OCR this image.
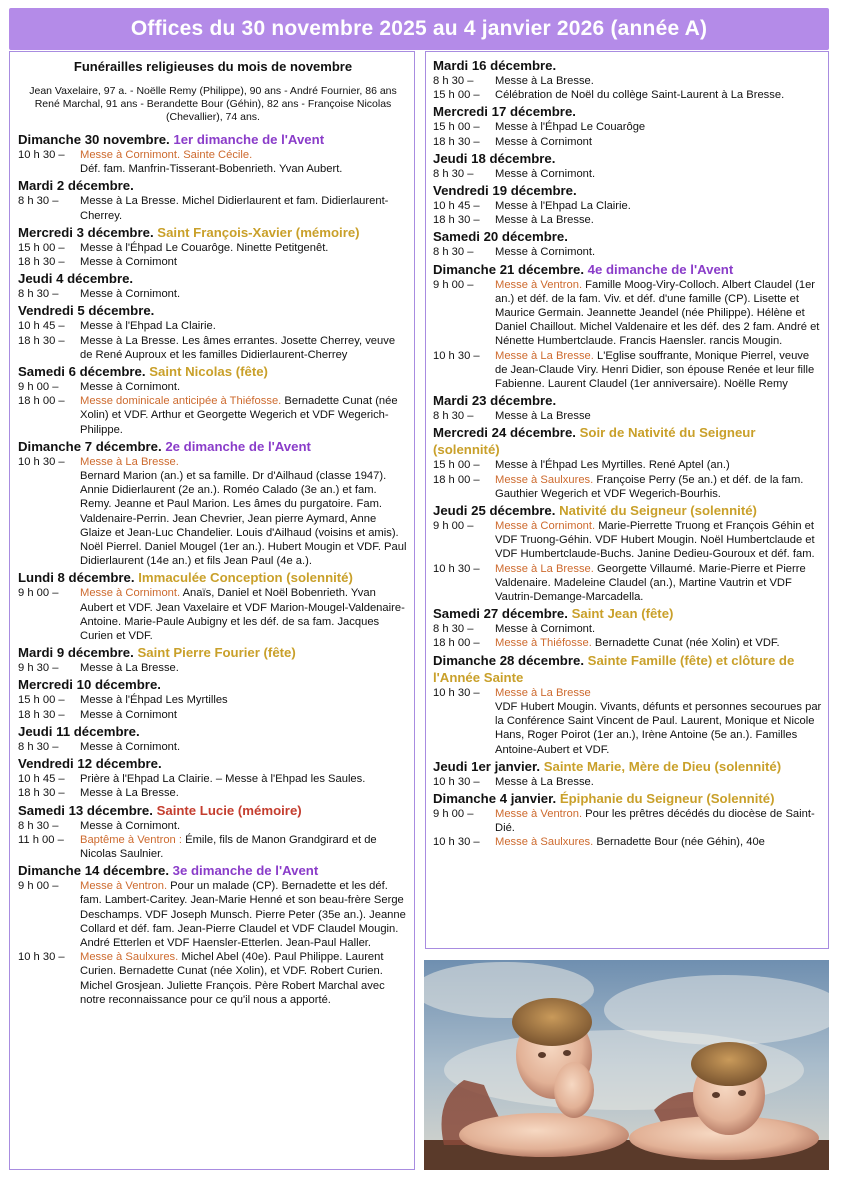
Offices du 30 novembre 2025 au 4 janvier 2026 (année A)
Funérailles religieuses du mois de novembre
Jean Vaxelaire, 97 a. - Noëlle Remy (Philippe), 90 ans - André Fournier, 86 ans René Marchal, 91 ans - Berandette Bour (Géhin), 82 ans - Françoise Nicolas (Chevallier), 74 ans.
Dimanche 30 novembre. 1er dimanche de l'Avent
10 h 30 –	Messe à Cornimont. Sainte Cécile.
Déf. fam. Manfrin-Tisserant-Bobenrieth. Yvan Aubert.
Mardi 2 décembre.
8 h 30 –	Messe à La Bresse. Michel Didierlaurent et fam. Didierlaurent-Cherrey.
Mercredi 3 décembre. Saint François-Xavier (mémoire)
15 h 00 –	Messe à l'Éhpad Le Couarôge. Ninette Petitgenêt.
18 h 30 –	Messe à Cornimont
Jeudi 4 décembre.
8 h 30 –	Messe à Cornimont.
Vendredi 5 décembre.
10 h 45 –	Messe à l'Ehpad La Clairie.
18 h 30 –	Messe à La Bresse. Les âmes errantes. Josette Cherrey, veuve de René Auproux et les familles Didierlaurent-Cherrey
Samedi 6 décembre. Saint Nicolas (fête)
9 h 00 –	Messe à Cornimont.
18 h 00 –	Messe dominicale anticipée à Thiéfosse. Bernadette Cunat (née Xolin) et VDF. Arthur et Georgette Wegerich et VDF Wegerich-Philippe.
Dimanche 7 décembre. 2e dimanche de l'Avent
10 h 30 –	Messe à La Bresse.
Bernard Marion (an.) et sa famille. Dr d'Ailhaud (classe 1947). Annie Didierlaurent (2e an.). Roméo Calado (3e an.) et fam. Remy. Jeanne et Paul Marion. Les âmes du purgatoire. Fam. Valdenaire-Perrin. Jean Chevrier, Jean pierre Aymard, Anne Glaize et Jean-Luc Chandelier. Louis d'Ailhaud (voisins et amis). Noël Pierrel. Daniel Mougel (1er an.). Hubert Mougin et VDF. Paul Didierlaurent (14e an.) et fils Jean Paul (4e a.).
Lundi 8 décembre. Immaculée Conception (solennité)
9 h 00 –	Messe à Cornimont. Anaïs, Daniel et Noël Bobenrieth. Yvan Aubert et VDF. Jean Vaxelaire et VDF Marion-Mougel-Valdenaire-Antoine. Marie-Paule Aubigny et les déf. de sa fam. Jacques Curien et VDF.
Mardi 9 décembre. Saint Pierre Fourier (fête)
9 h 30 –	Messe à La Bresse.
Mercredi 10 décembre.
15 h 00 –	Messe à l'Éhpad Les Myrtilles
18 h 30 –	Messe à Cornimont
Jeudi 11 décembre.
8 h 30 –	Messe à Cornimont.
Vendredi 12 décembre.
10 h 45 –	Prière à l'Ehpad La Clairie. – Messe à l'Ehpad les Saules.
18 h 30 –	Messe à La Bresse.
Samedi 13 décembre. Sainte Lucie (mémoire)
8 h 30 –	Messe à Cornimont.
11 h 00 –	Baptême à Ventron : Émile, fils de Manon Grandgirard et de Nicolas Saulnier.
Dimanche 14 décembre. 3e dimanche de l'Avent
9 h 00 –	Messe à Ventron. Pour un malade (CP). Bernadette et les déf. fam. Lambert-Caritey. Jean-Marie Henné et son beau-frère Serge Deschamps. VDF Joseph Munsch. Pierre Peter (35e an.). Jeanne Collard et déf. fam. Jean-Pierre Claudel et VDF Claudel Mougin. André Etterlen et VDF Haensler-Etterlen. Jean-Paul Haller.
10 h 30 –	Messe à Saulxures. Michel Abel (40e). Paul Philippe. Laurent Curien. Bernadette Cunat (née Xolin), et VDF. Robert Curien. Michel Grosjean. Juliette François. Père Robert Marchal avec notre reconnaissance pour ce qu'il nous a apporté.
Mardi 16 décembre.
8 h 30 –	Messe à La Bresse.
15 h 00 –	Célébration de Noël du collège Saint-Laurent à La Bresse.
Mercredi 17 décembre.
15 h 00 –	Messe à l'Éhpad Le Couarôge
18 h 30 –	Messe à Cornimont
Jeudi 18 décembre.
8 h 30 –	Messe à Cornimont.
Vendredi 19 décembre.
10 h 45 –	Messe à l'Ehpad La Clairie.
18 h 30 –	Messe à La Bresse.
Samedi 20 décembre.
8 h 30 –	Messe à Cornimont.
Dimanche 21 décembre. 4e dimanche de l'Avent
9 h 00 –	Messe à Ventron. Famille Moog-Viry-Colloch. Albert Claudel (1er an.) et déf. de la fam. Viv. et déf. d'une famille (CP). Lisette et Maurice Germain. Jeannette Jeandel (née Philippe). Hélène et Daniel Chaillout. Michel Valdenaire et les déf. des 2 fam. André et Nénette Humbertclaude. Francis Haensler. rancis Mougin.
10 h 30 –	Messe à La Bresse. L'Eglise souffrante, Monique Pierrel, veuve de Jean-Claude Viry. Henri Didier, son épouse Renée et leur fille Fabienne. Laurent Claudel (1er anniversaire). Noëlle Remy
Mardi 23 décembre.
8 h 30 –	Messe à La Bresse
Mercredi 24 décembre. Soir de Nativité du Seigneur (solennité)
15 h 00 –	Messe à l'Éhpad Les Myrtilles. René Aptel (an.)
18 h 00 –	Messe à Saulxures. Françoise Perry (5e an.) et déf. de la fam. Gauthier Wegerich et VDF Wegerich-Bourhis.
Jeudi 25 décembre. Nativité du Seigneur (solennité)
9 h 00 –	Messe à Cornimont. Marie-Pierrette Truong et François Géhin et VDF Truong-Géhin. VDF Hubert Mougin. Noël Humbertclaude et VDF Humbertclaude-Buchs. Janine Dedieu-Gouroux et déf. fam.
10 h 30 –	Messe à La Bresse. Georgette Villaumé. Marie-Pierre et Pierre Valdenaire. Madeleine Claudel (an.), Martine Vautrin et VDF Vautrin-Demange-Marcadella.
Samedi 27 décembre. Saint Jean (fête)
8 h 30 –	Messe à Cornimont.
18 h 00 –	Messe à Thiéfosse. Bernadette Cunat (née Xolin) et VDF.
Dimanche 28 décembre. Sainte Famille (fête) et clôture de l'Année Sainte
10 h 30 –	Messe à La Bresse
VDF Hubert Mougin. Vivants, défunts et personnes secourues par la Conférence Saint Vincent de Paul. Laurent, Monique et Nicole Hans, Roger Poirot (1er an.), Irène Antoine (5e an.). Familles Antoine-Aubert et VDF.
Jeudi 1er janvier. Sainte Marie, Mère de Dieu (solennité)
10 h 30 –	Messe à La Bresse.
Dimanche 4 janvier. Épiphanie du Seigneur (Solennité)
9 h 00 –	Messe à Ventron. Pour les prêtres décédés du diocèse de Saint-Dié.
10 h 30 –	Messe à Saulxures. Bernadette Bour (née Géhin), 40e
